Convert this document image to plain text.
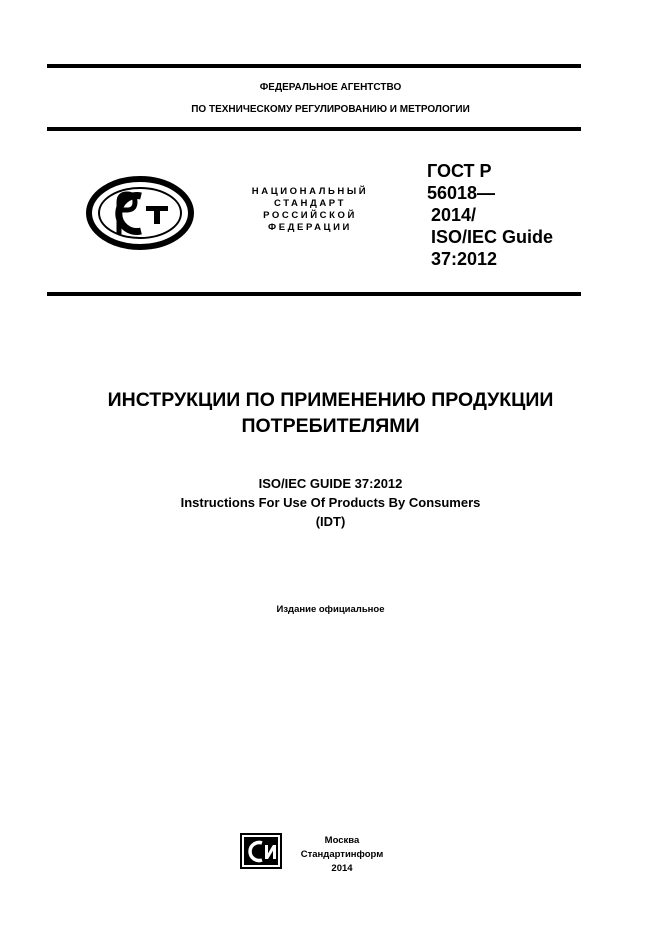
ФЕДЕРАЛЬНОЕ АГЕНТСТВО
ПО ТЕХНИЧЕСКОМУ РЕГУЛИРОВАНИЮ И МЕТРОЛОГИИ
НАЦИОНАЛЬНЫЙ
СТАНДАРТ
РОССИЙСКОЙ
ФЕДЕРАЦИИ
ГОСТ Р
56018—
2014/
ISO/IEC Guide
37:2012
ИНСТРУКЦИИ ПО ПРИМЕНЕНИЮ ПРОДУКЦИИ
ПОТРЕБИТЕЛЯМИ
ISO/IEC GUIDE 37:2012
Instructions For Use Of Products By Consumers
(IDT)
Издание официальное
Москва
Стандартинформ
2014
